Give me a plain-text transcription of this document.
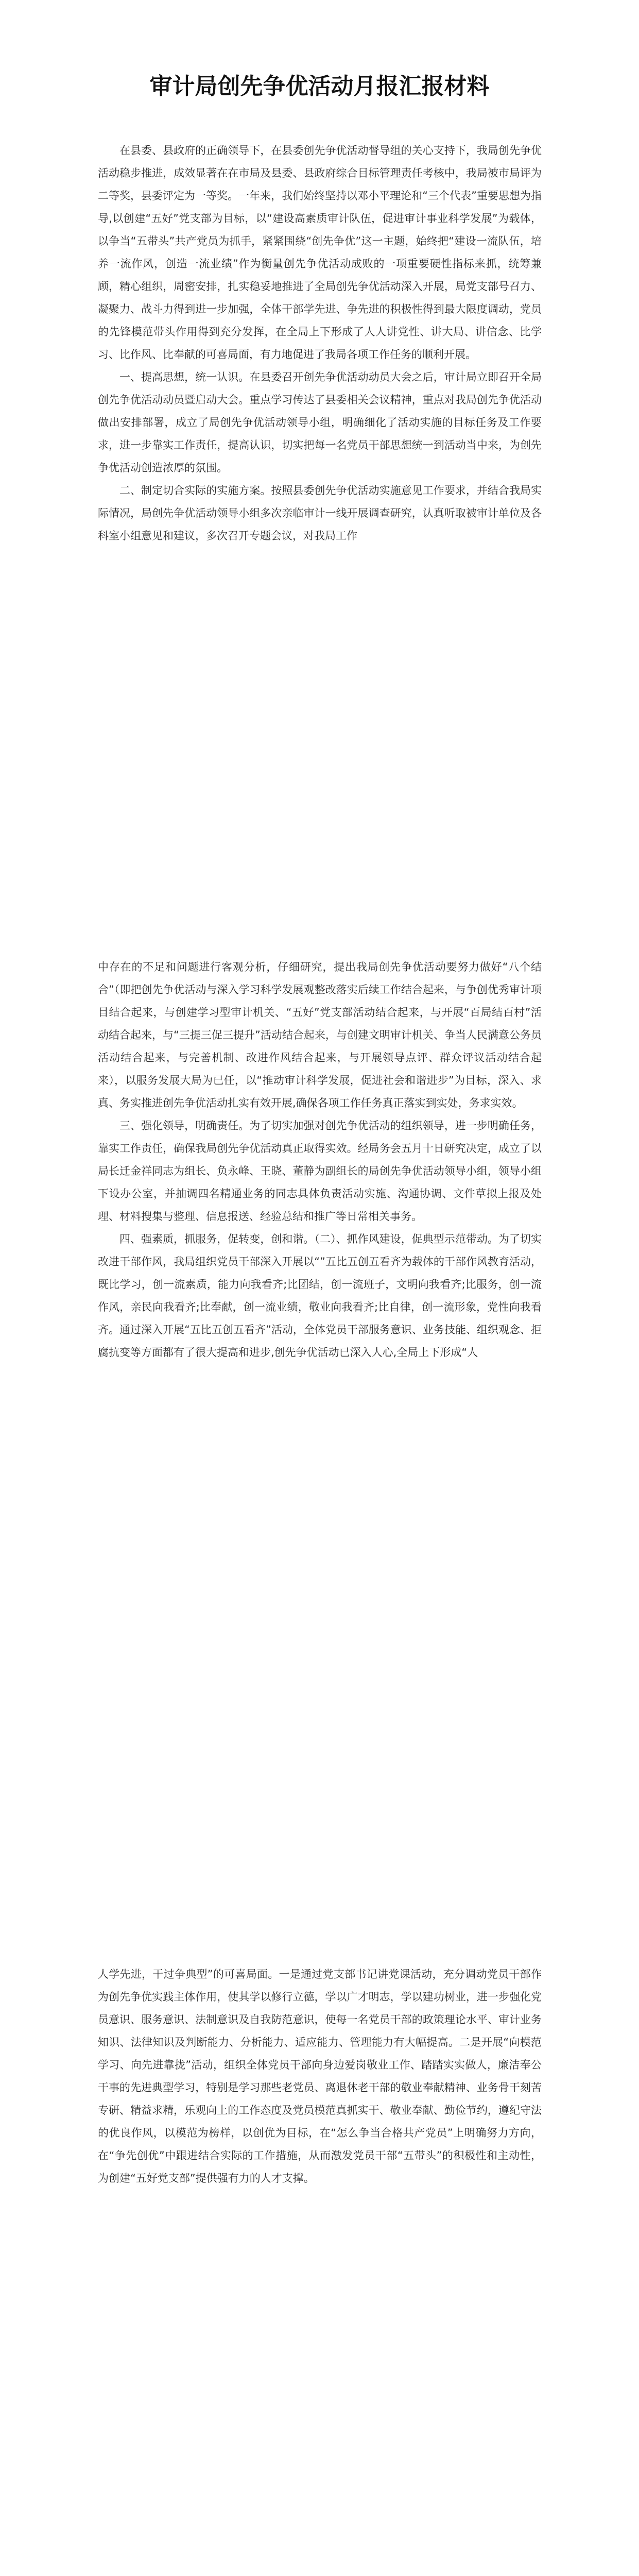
审计局创先争优活动月报汇报材料

在县委、县政府的正确领导下，在县委创先争优活动督导组的关心支持下，我局创先争优活动稳步推进，成效显著在在市局及县委、县政府综合目标管理责任考核中，我局被市局评为二等奖，县委评定为一等奖。一年来，我们始终坚持以邓小平理论和“三个代表”重要思想为指导,以创建“五好”党支部为目标，以“建设高素质审计队伍，促进审计事业科学发展”为载体，以争当“五带头”共产党员为抓手，紧紧围绕“创先争优”这一主题，始终把“建设一流队伍，培养一流作风，创造一流业绩”作为衡量创先争优活动成败的一项重要硬性指标来抓，统筹兼顾，精心组织，周密安排，扎实稳妥地推进了全局创先争优活动深入开展，局党支部号召力、凝聚力、战斗力得到进一步加强，全体干部学先进、争先进的积极性得到最大限度调动，党员的先锋模范带头作用得到充分发挥，在全局上下形成了人人讲党性、讲大局、讲信念、比学习、比作风、比奉献的可喜局面，有力地促进了我局各项工作任务的顺利开展。

一、提高思想，统一认识。在县委召开创先争优活动动员大会之后，审计局立即召开全局创先争优活动动员暨启动大会。重点学习传达了县委相关会议精神，重点对我局创先争优活动做出安排部署，成立了局创先争优活动领导小组，明确细化了活动实施的目标任务及工作要求，进一步靠实工作责任，提高认识，切实把每一名党员干部思想统一到活动当中来，为创先争优活动创造浓厚的氛围。

二、制定切合实际的实施方案。按照县委创先争优活动实施意见工作要求，并结合我局实际情况，局创先争优活动领导小组多次亲临审计一线开展调查研究，认真听取被审计单位及各科室小组意见和建议，多次召开专题会议，对我局工作

中存在的不足和问题进行客观分析，仔细研究，提出我局创先争优活动要努力做好“八个结合”（即把创先争优活动与深入学习科学发展观整改落实后续工作结合起来，与争创优秀审计项目结合起来，与创建学习型审计机关、“五好”党支部活动结合起来，与开展“百局结百村”活动结合起来，与“三提三促三提升”活动结合起来，与创建文明审计机关、争当人民满意公务员活动结合起来，与完善机制、改进作风结合起来，与开展领导点评、群众评议活动结合起来），以服务发展大局为已任，以“推动审计科学发展，促进社会和谐进步”为目标，深入、求真、务实推进创先争优活动扎实有效开展,确保各项工作任务真正落实到实处，务求实效。

三、强化领导，明确责任。为了切实加强对创先争优活动的组织领导，进一步明确任务，靠实工作责任，确保我局创先争优活动真正取得实效。经局务会五月十日研究决定，成立了以局长迁金祥同志为组长、负永峰、王晓、董静为副组长的局创先争优活动领导小组，领导小组下设办公室，并抽调四名精通业务的同志具体负责活动实施、沟通协调、文件草拟上报及处理、材料搜集与整理、信息报送、经验总结和推广等日常相关事务。

四、强素质，抓服务，促转变，创和谐。（二）、抓作风建设，促典型示范带动。为了切实改进干部作风，我局组织党员干部深入开展以“”五比五创五看齐为载体的干部作风教育活动，既比学习，创一流素质，能力向我看齐;比团结，创一流班子，文明向我看齐;比服务，创一流作风，亲民向我看齐;比奉献，创一流业绩，敬业向我看齐;比自律，创一流形象，党性向我看齐。通过深入开展“五比五创五看齐”活动，全体党员干部服务意识、业务技能、组织观念、拒腐抗变等方面都有了很大提高和进步,创先争优活动已深入人心,全局上下形成“人

人学先进，干过争典型”的可喜局面。一是通过党支部书记讲党课活动，充分调动党员干部作为创先争优实践主体作用，使其学以修行立德，学以广才明志，学以建功树业，进一步强化党员意识、服务意识、法制意识及自我防范意识，使每一名党员干部的政策理论水平、审计业务知识、法律知识及判断能力、分析能力、适应能力、管理能力有大幅提高。二是开展“向模范学习、向先进靠拢”活动，组织全体党员干部向身边爱岗敬业工作、踏踏实实做人，廉洁奉公干事的先进典型学习，特别是学习那些老党员、离退休老干部的敬业奉献精神、业务骨干刻苦专研、精益求精，乐观向上的工作态度及党员模范真抓实干、敬业奉献、勤俭节约，遵纪守法的优良作风，以模范为榜样，以创优为目标，在“怎么争当合格共产党员”上明确努力方向，在“争先创优”中跟进结合实际的工作措施，从而激发党员干部“五带头”的积极性和主动性，为创建“五好党支部”提供强有力的人才支撑。
